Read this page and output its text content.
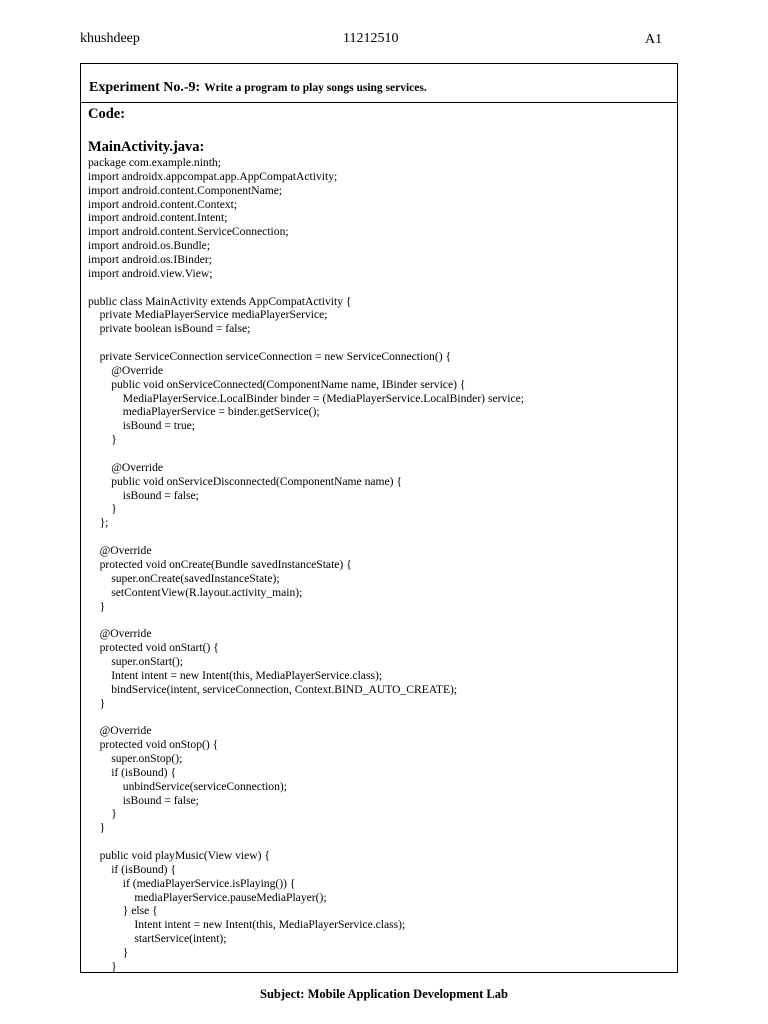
khushdeep	11212510	A1
Experiment No.-9: Write a program to play songs using services.
Code:
MainActivity.java:
package com.example.ninth;
import androidx.appcompat.app.AppCompatActivity;
import android.content.ComponentName;
import android.content.Context;
import android.content.Intent;
import android.content.ServiceConnection;
import android.os.Bundle;
import android.os.IBinder;
import android.view.View;
public class MainActivity extends AppCompatActivity {
private MediaPlayerService mediaPlayerService;
private boolean isBound = false;
private ServiceConnection serviceConnection = new ServiceConnection() {
@Override
public void onServiceConnected(ComponentName name, IBinder service) {
MediaPlayerService.LocalBinder binder = (MediaPlayerService.LocalBinder) service;
mediaPlayerService = binder.getService();
isBound = true;
}
@Override
public void onServiceDisconnected(ComponentName name) {
isBound = false;
}
};
@Override
protected void onCreate(Bundle savedInstanceState) {
super.onCreate(savedInstanceState);
setContentView(R.layout.activity_main);
}
@Override
protected void onStart() {
super.onStart();
Intent intent = new Intent(this, MediaPlayerService.class);
bindService(intent, serviceConnection, Context.BIND_AUTO_CREATE);
}
@Override
protected void onStop() {
super.onStop();
if (isBound) {
unbindService(serviceConnection);
isBound = false;
}
}
public void playMusic(View view) {
if (isBound) {
if (mediaPlayerService.isPlaying()) {
mediaPlayerService.pauseMediaPlayer();
} else {
Intent intent = new Intent(this, MediaPlayerService.class);
startService(intent);
}
}
Subject: Mobile Application Development Lab
